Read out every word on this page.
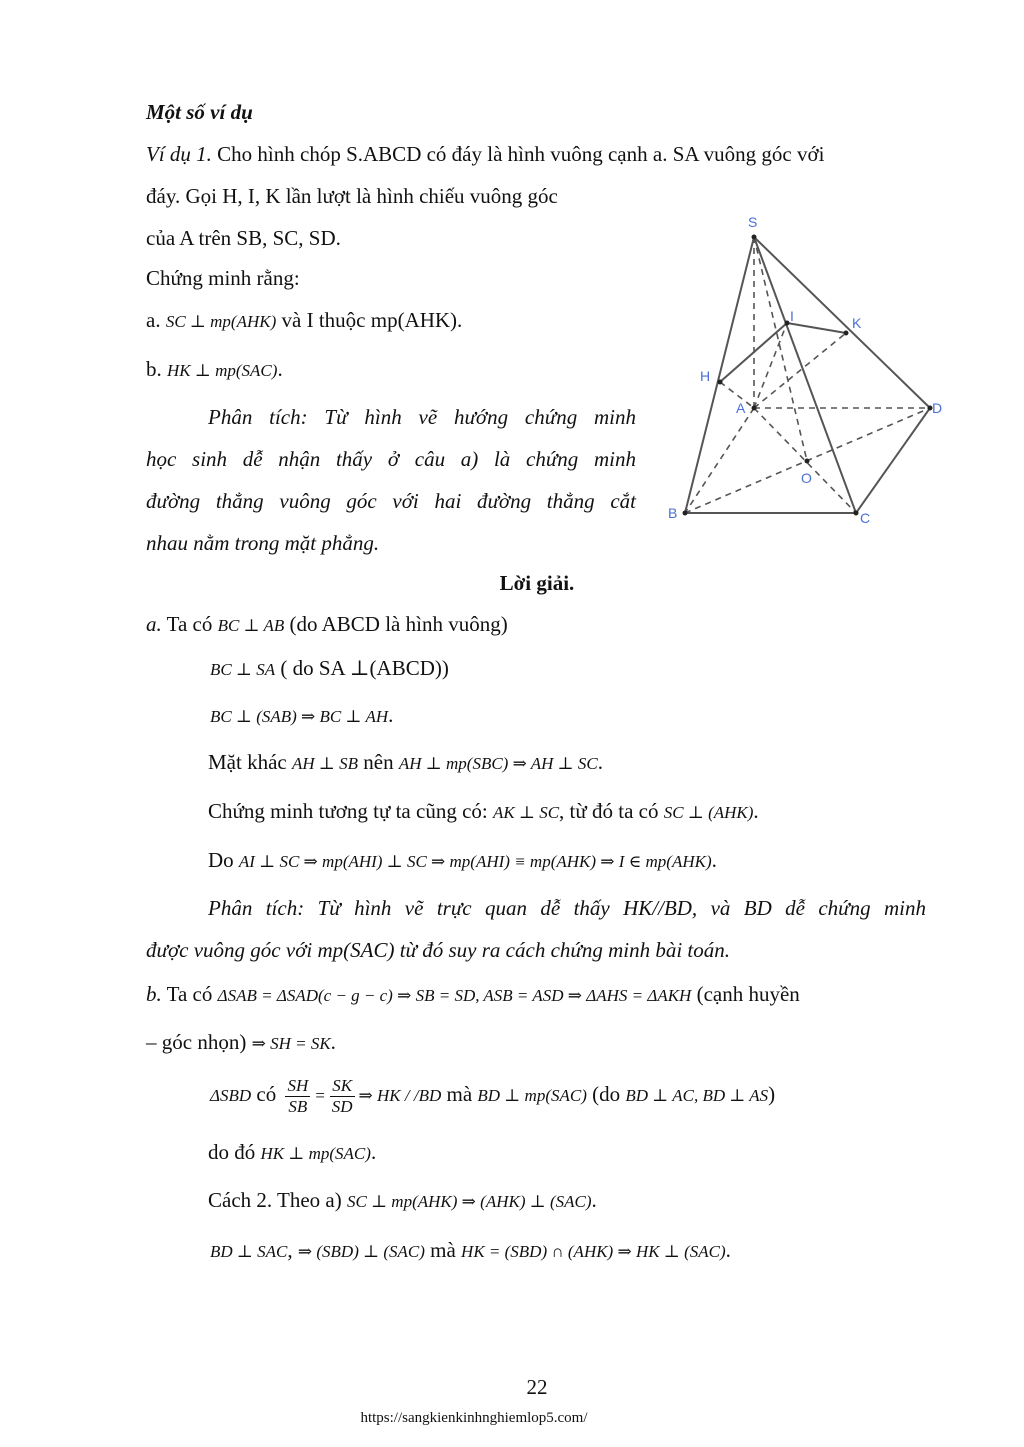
Một số ví dụ
Ví dụ 1. Cho hình chóp S.ABCD có đáy là hình vuông cạnh a. SA vuông góc với
đáy. Gọi H, I, K lần lượt là hình chiếu vuông góc
của A trên SB, SC, SD.
Chứng minh rằng:
a. SC ⊥ mp(AHK) và I thuộc mp(AHK).
b. HK ⊥ mp(SAC).
Phân tích: Từ hình vẽ hướng chứng minh
học sinh dễ nhận thấy ở câu a) là chứng minh
đường thẳng vuông góc với hai đường thẳng cắt
nhau nằm trong mặt phẳng.
S
I	K
H
A	D
O
B	C
Lời giải.
a. Ta có BC ⊥ AB (do ABCD là hình vuông)
BC ⊥ SA ( do SA ⊥(ABCD))
BC ⊥ (SAB) ⇒ BC ⊥ AH.
Mặt khác AH ⊥ SB nên AH ⊥ mp(SBC) ⇒ AH ⊥ SC.
Chứng minh tương tự ta cũng có: AK ⊥ SC, từ đó ta có SC ⊥ (AHK).
Do AI ⊥ SC ⇒ mp(AHI) ⊥ SC ⇒ mp(AHI) ≡ mp(AHK) ⇒ I ∈ mp(AHK).
Phân tích: Từ hình vẽ trực quan dễ thấy HK//BD, và BD dễ chứng minh
được vuông góc với mp(SAC) từ đó suy ra cách chứng minh bài toán.
b. Ta có ΔSAB = ΔSAD(c − g − c) ⇒ SB = SD, ASB = ASD ⇒ ΔAHS = ΔAKH (cạnh huyền
– góc nhọn) ⇒ SH = SK.
ΔSBD có $\frac{SH}{SB} = \frac{SK}{SD}$ ⇒ HK / /BD mà BD ⊥ mp(SAC) (do BD ⊥ AC, BD ⊥ AS)
do đó HK ⊥ mp(SAC).
Cách 2. Theo a) SC ⊥ mp(AHK) ⇒ (AHK) ⊥ (SAC).
BD ⊥ SAC, ⇒ (SBD) ⊥ (SAC) mà HK = (SBD) ∩ (AHK) ⇒ HK ⊥ (SAC).
22
https://sangkienkinhnghiemlop5.com/
